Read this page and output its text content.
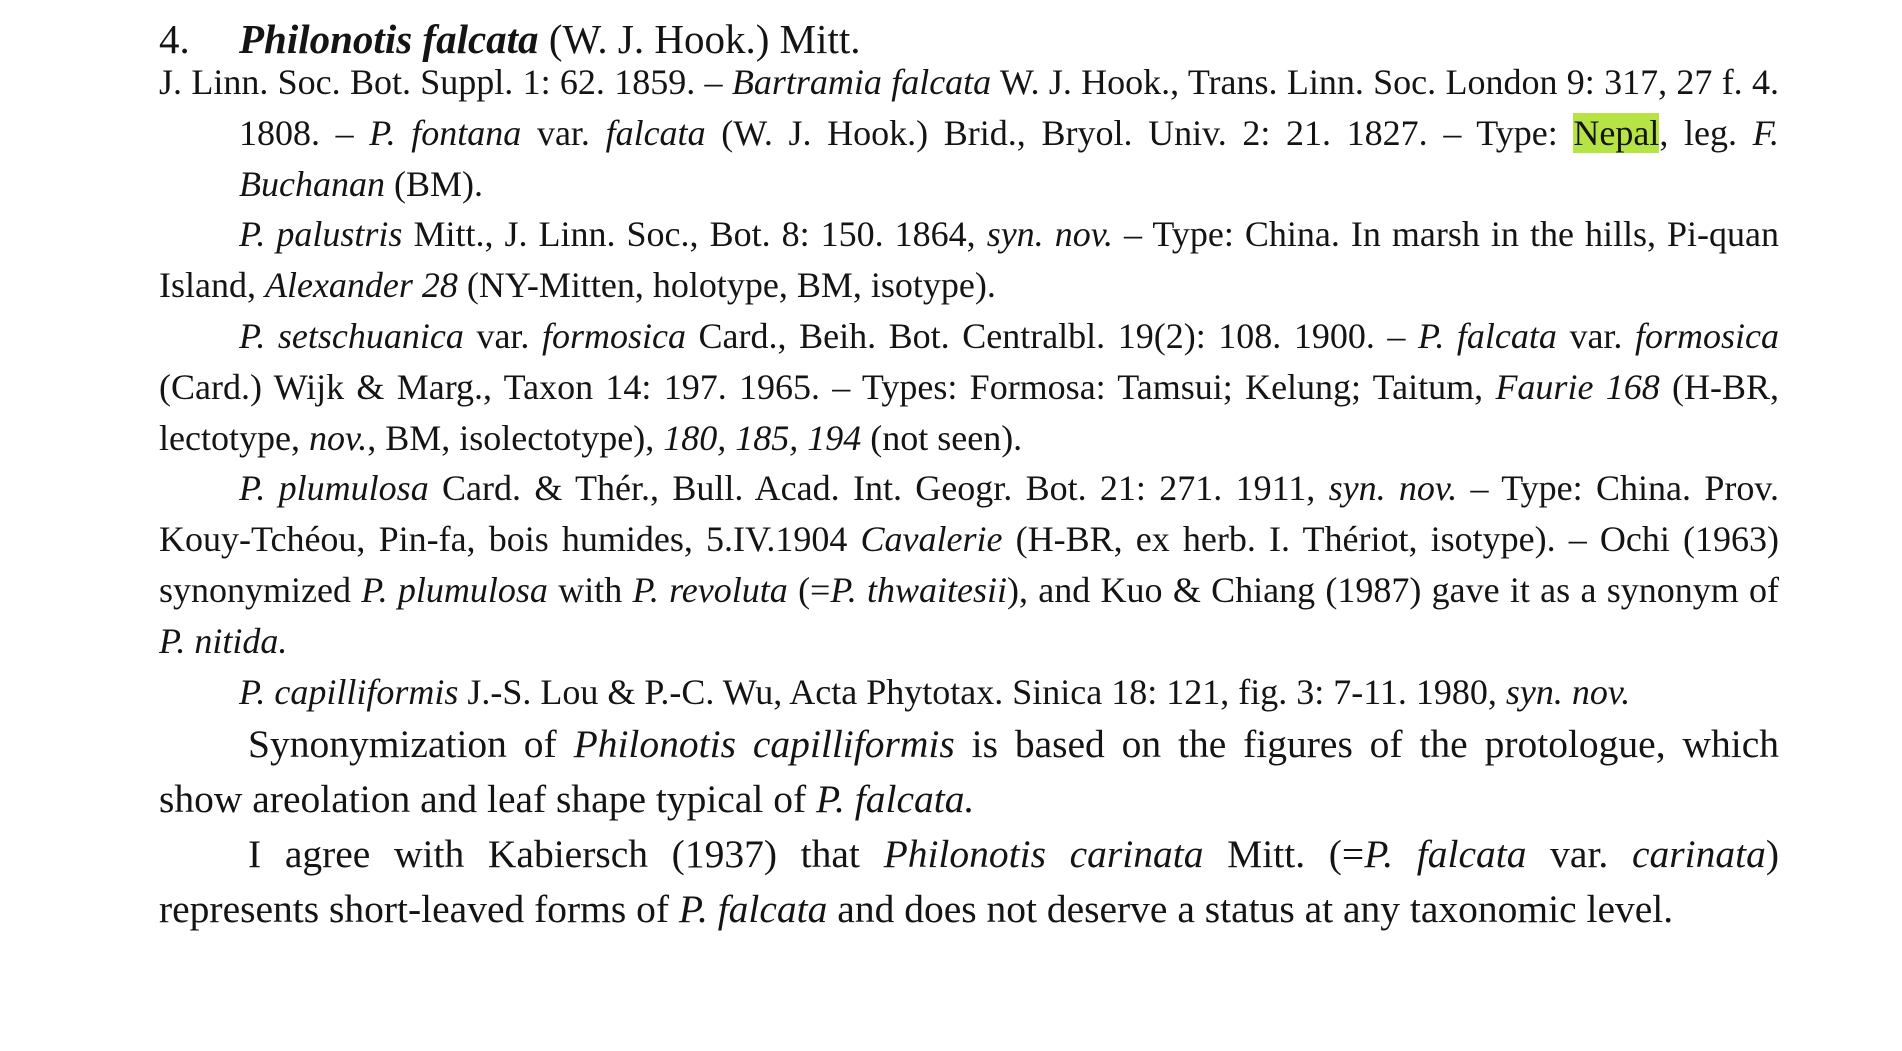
4. Philonotis falcata (W. J. Hook.) Mitt.

J. Linn. Soc. Bot. Suppl. 1: 62. 1859. – Bartramia falcata W. J. Hook., Trans. Linn. Soc. London 9: 317, 27 f. 4. 1808. – P. fontana var. falcata (W. J. Hook.) Brid., Bryol. Univ. 2: 21. 1827. – Type: Nepal, leg. F. Buchanan (BM).

P. palustris Mitt., J. Linn. Soc., Bot. 8: 150. 1864, syn. nov. – Type: China. In marsh in the hills, Pi-quan Island, Alexander 28 (NY-Mitten, holotype, BM, isotype).

P. setschuanica var. formosica Card., Beih. Bot. Centralbl. 19(2): 108. 1900. – P. falcata var. formosica (Card.) Wijk & Marg., Taxon 14: 197. 1965. – Types: Formosa: Tamsui; Kelung; Taitum, Faurie 168 (H-BR, lectotype, nov., BM, isolectotype), 180, 185, 194 (not seen).

P. plumulosa Card. & Thér., Bull. Acad. Int. Geogr. Bot. 21: 271. 1911, syn. nov. – Type: China. Prov. Kouy-Tchéou, Pin-fa, bois humides, 5.IV.1904 Cavalerie (H-BR, ex herb. I. Thériot, isotype). – Ochi (1963) synonymized P. plumulosa with P. revoluta (=P. thwaitesii), and Kuo & Chiang (1987) gave it as a synonym of P. nitida.

P. capilliformis J.-S. Lou & P.-C. Wu, Acta Phytotax. Sinica 18: 121, fig. 3: 7-11. 1980, syn. nov.

Synonymization of Philonotis capilliformis is based on the figures of the protologue, which show areolation and leaf shape typical of P. falcata.

I agree with Kabiersch (1937) that Philonotis carinata Mitt. (=P. falcata var. carinata) represents short-leaved forms of P. falcata and does not deserve a status at any taxonomic level.
